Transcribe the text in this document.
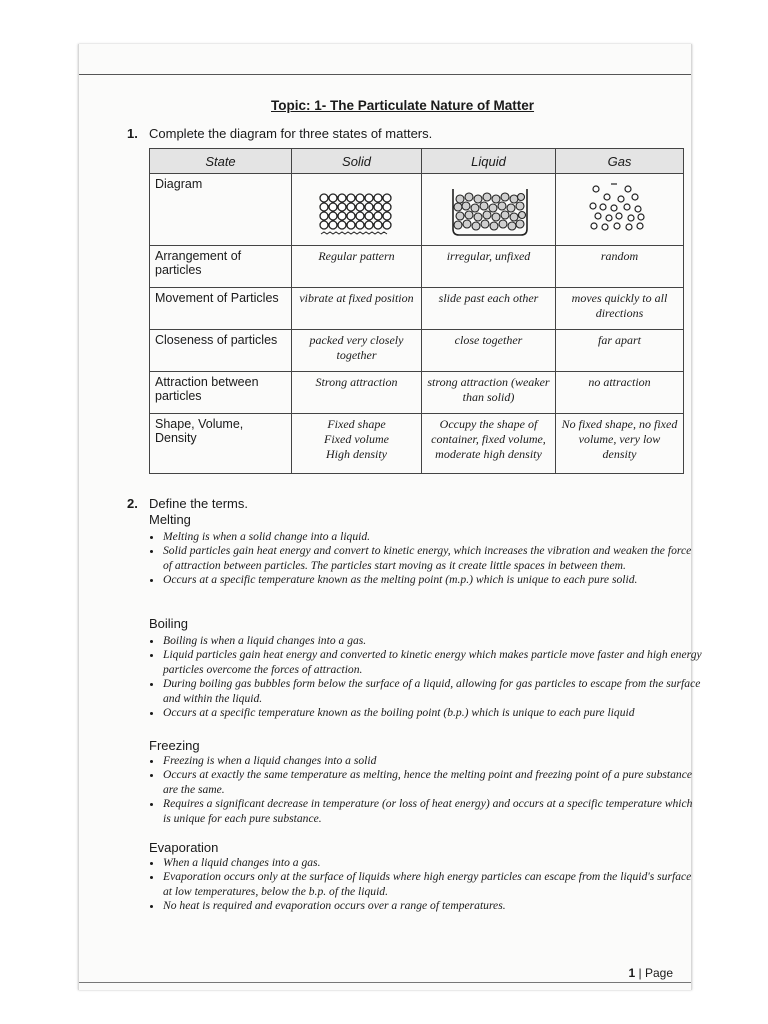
Topic: 1- The Particulate Nature of Matter
1. Complete the diagram for three states of matters.
State	Solid	Liquid	Gas
Diagram			
Arrangement of particles	Regular pattern	irregular, unfixed	random
Movement of Particles	vibrate at fixed position	slide past each other	moves quickly to all directions
Closeness of particles	packed very closely together	close together	far apart
Attraction between particles	Strong attraction	strong attraction (weaker than solid)	no attraction
Shape, Volume, Density	Fixed shape Fixed volume High density	Occupy the shape of container, fixed volume, moderate high density	No fixed shape, no fixed volume, very low density
2. Define the terms.
Melting
• Melting is when a solid change into a liquid.
• Solid particles gain heat energy and convert to kinetic energy, which increases the vibration and weaken the force of attraction between particles. The particles start moving as it create little spaces in between them.
• Occurs at a specific temperature known as the melting point (m.p.) which is unique to each pure solid.
Boiling
• Boiling is when a liquid changes into a gas.
• Liquid particles gain heat energy and converted to kinetic energy which makes particle move faster and high energy particles overcome the forces of attraction.
• During boiling gas bubbles form below the surface of a liquid, allowing for gas particles to escape from the surface and within the liquid.
• Occurs at a specific temperature known as the boiling point (b.p.) which is unique to each pure liquid
Freezing
• Freezing is when a liquid changes into a solid
• Occurs at exactly the same temperature as melting, hence the melting point and freezing point of a pure substance are the same.
• Requires a significant decrease in temperature (or loss of heat energy) and occurs at a specific temperature which is unique for each pure substance.
Evaporation
• When a liquid changes into a gas.
• Evaporation occurs only at the surface of liquids where high energy particles can escape from the liquid's surface at low temperatures, below the b.p. of the liquid.
• No heat is required and evaporation occurs over a range of temperatures.
1 | Page
